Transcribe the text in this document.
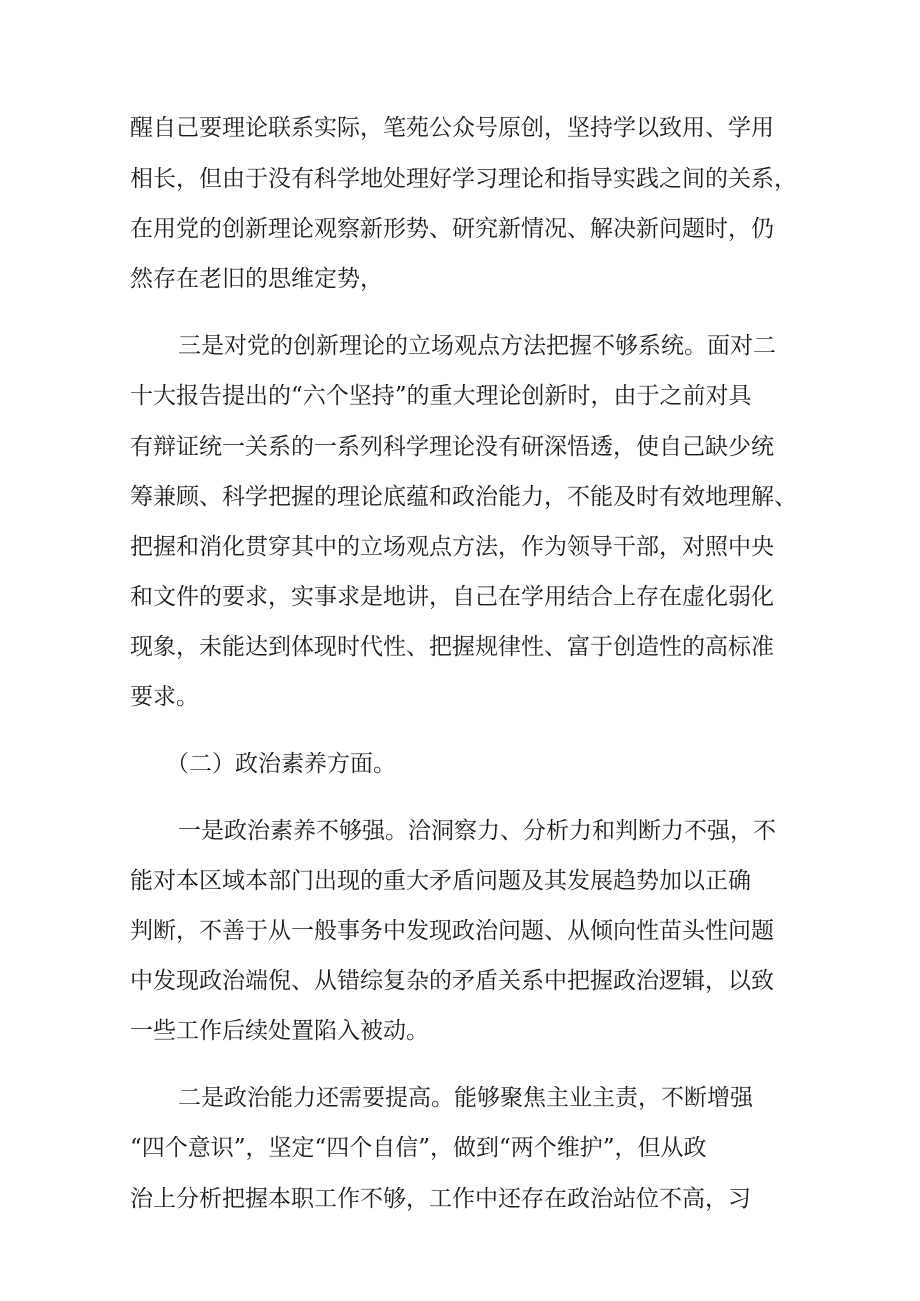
醒自己要理论联系实际，笔苑公众号原创，坚持学以致用、学用
相长，但由于没有科学地处理好学习理论和指导实践之间的关系，
在用党的创新理论观察新形势、研究新情况、解决新问题时，仍
然存在老旧的思维定势，
三是对党的创新理论的立场观点方法把握不够系统。面对二
十大报告提出的“六个坚持”的重大理论创新时，由于之前对具
有辩证统一关系的一系列科学理论没有研深悟透，使自己缺少统
筹兼顾、科学把握的理论底蕴和政治能力，不能及时有效地理解、
把握和消化贯穿其中的立场观点方法，作为领导干部，对照中央
和文件的要求，实事求是地讲，自己在学用结合上存在虚化弱化
现象，未能达到体现时代性、把握规律性、富于创造性的高标准
要求。
（二）政治素养方面。
一是政治素养不够强。洽洞察力、分析力和判断力不强，不
能对本区域本部门出现的重大矛盾问题及其发展趋势加以正确
判断，不善于从一般事务中发现政治问题、从倾向性苗头性问题
中发现政治端倪、从错综复杂的矛盾关系中把握政治逻辑，以致
一些工作后续处置陷入被动。
二是政治能力还需要提高。能够聚焦主业主责，不断增强
“四个意识”，坚定“四个自信”，做到“两个维护”，但从政
治上分析把握本职工作不够，工作中还存在政治站位不高，习
